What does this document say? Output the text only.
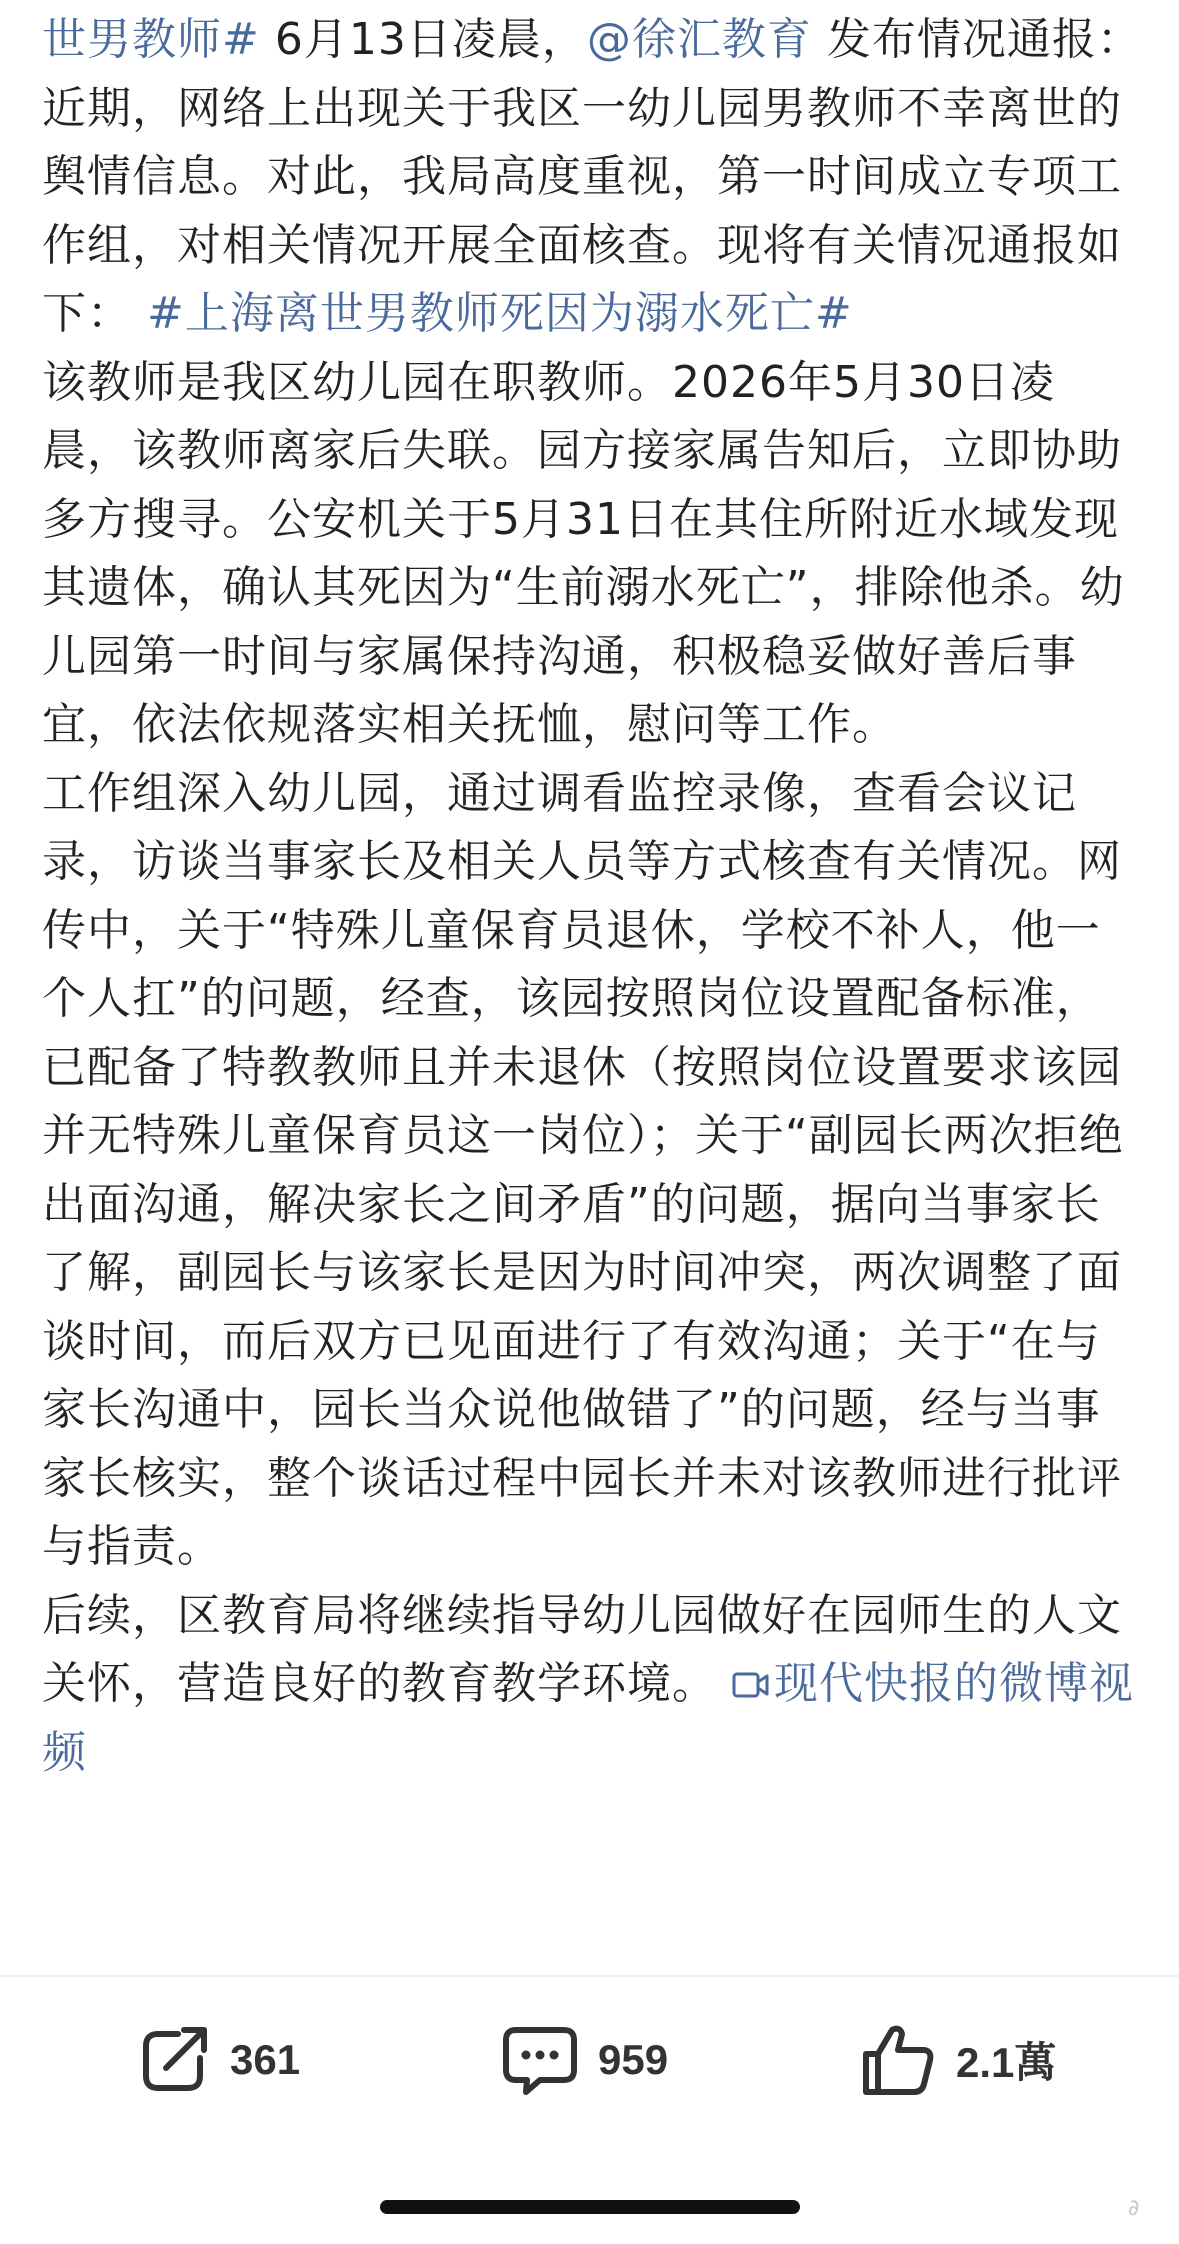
世男教师# 6月13日凌晨，@徐汇教育 发布情况通报：近期，网络上出现关于我区一幼儿园男教师不幸离世的舆情信息。对此，我局高度重视，第一时间成立专项工作组，对相关情况开展全面核查。现将有关情况通报如下： #上海离世男教师死因为溺水死亡#

该教师是我区幼儿园在职教师。2026年5月30日凌晨，该教师离家后失联。园方接家属告知后，立即协助多方搜寻。公安机关于5月31日在其住所附近水域发现其遗体，确认其死因为“生前溺水死亡”，排除他杀。幼儿园第一时间与家属保持沟通，积极稳妥做好善后事宜，依法依规落实相关抚恤，慰问等工作。

工作组深入幼儿园，通过调看监控录像，查看会议记录，访谈当事家长及相关人员等方式核查有关情况。网传中，关于“特殊儿童保育员退休，学校不补人，他一个人扛”的问题，经查，该园按照岗位设置配备标准，已配备了特教教师且并未退休（按照岗位设置要求该园并无特殊儿童保育员这一岗位）；关于“副园长两次拒绝出面沟通，解决家长之间矛盾”的问题，据向当事家长了解，副园长与该家长是因为时间冲突，两次调整了面谈时间，而后双方已见面进行了有效沟通；关于“在与家长沟通中，园长当众说他做错了”的问题，经与当事家长核实，整个谈话过程中园长并未对该教师进行批评与指责。

后续，区教育局将继续指导幼儿园做好在园师生的人文关怀，营造良好的教育教学环境。 现代快报的微博视频

361	959	2.1萬
∂
